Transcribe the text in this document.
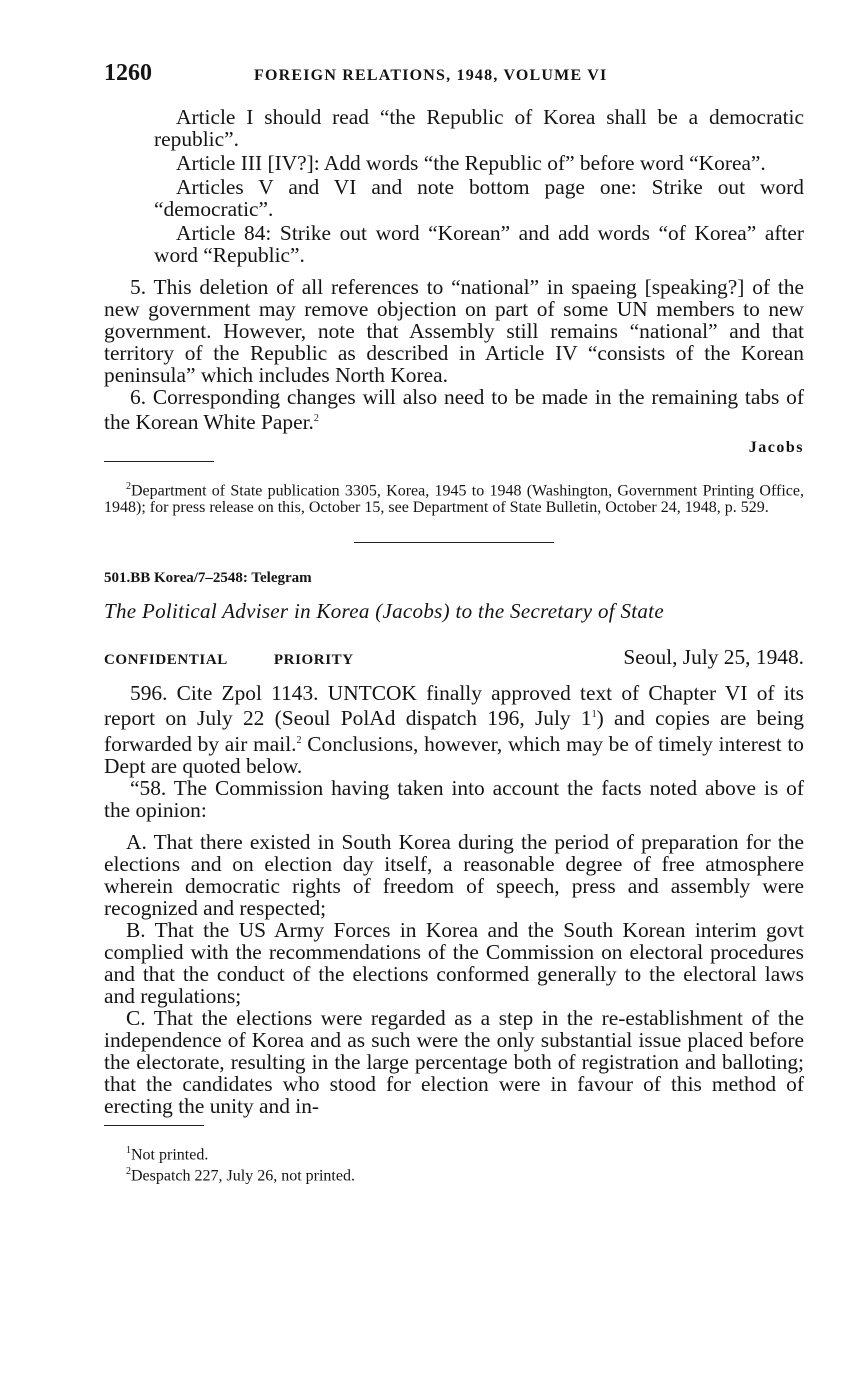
1260	FOREIGN RELATIONS, 1948, VOLUME VI

Article I should read “the Republic of Korea shall be a democratic republic”.

Article III [IV?]: Add words “the Republic of” before word “Korea”.

Articles V and VI and note bottom page one: Strike out word “democratic”.

Article 84: Strike out word “Korean” and add words “of Korea” after word “Republic”.

5. This deletion of all references to “national” in spaeing [speaking?] of the new government may remove objection on part of some UN members to new government. However, note that Assembly still remains “national” and that territory of the Republic as described in Article IV “consists of the Korean peninsula” which includes North Korea.

6. Corresponding changes will also need to be made in the remaining tabs of the Korean White Paper.$^2$

Jacobs

$^2$Department of State publication 3305, Korea, 1945 to 1948 (Washington, Government Printing Office, 1948); for press release on this, October 15, see Department of State Bulletin, October 24, 1948, p. 529.

501.BB Korea/7–2548: Telegram
The Political Adviser in Korea (Jacobs) to the Secretary of State
CONFIDENTIAL	PRIORITY	Seoul, July 25, 1948.

596. Cite Zpol 1143. UNTCOK finally approved text of Chapter VI of its report on July 22 (Seoul PolAd dispatch 196, July 1$^1$) and copies are being forwarded by air mail.$^2$ Conclusions, however, which may be of timely interest to Dept are quoted below.

“58. The Commission having taken into account the facts noted above is of the opinion:

A. That there existed in South Korea during the period of preparation for the elections and on election day itself, a reasonable degree of free atmosphere wherein democratic rights of freedom of speech, press and assembly were recognized and respected;

B. That the US Army Forces in Korea and the South Korean interim govt complied with the recommendations of the Commission on electoral procedures and that the conduct of the elections conformed generally to the electoral laws and regulations;

C. That the elections were regarded as a step in the re-establishment of the independence of Korea and as such were the only substantial issue placed before the electorate, resulting in the large percentage both of registration and balloting; that the candidates who stood for election were in favour of this method of erecting the unity and in-

$^1$Not printed.

$^2$Despatch 227, July 26, not printed.
